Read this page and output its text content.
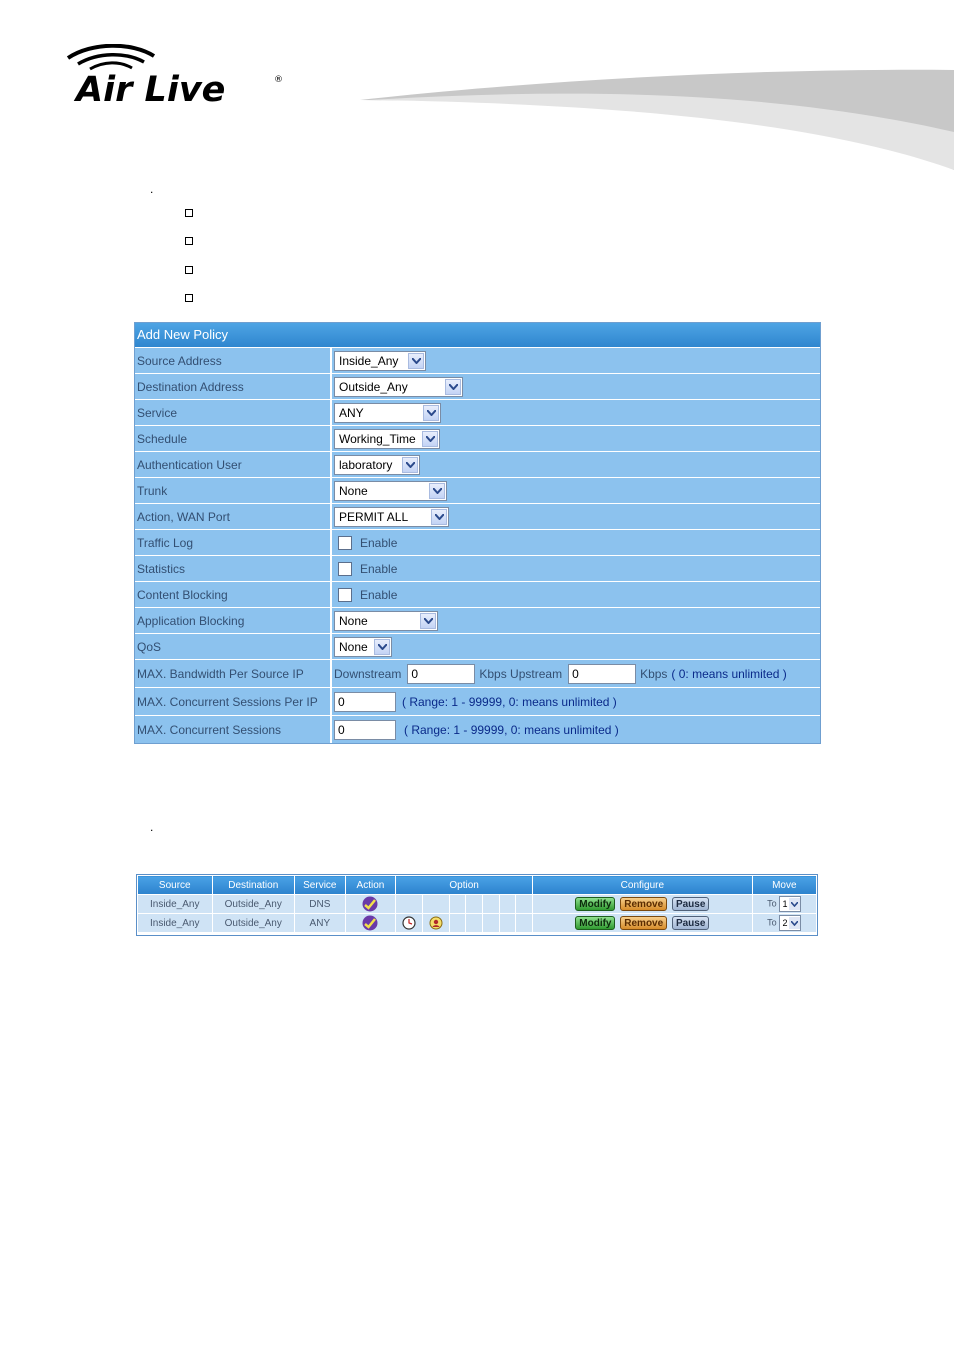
Air Live	®
.
.
Add New Policy
Source Address	Inside_Any
Destination Address	Outside_Any
Service	ANY
Schedule	Working_Time
Authentication User	laboratory
Trunk	None
Action, WAN Port	PERMIT ALL
Traffic Log	Enable
Statistics	Enable
Content Blocking	Enable
Application Blocking	None
QoS	None
MAX. Bandwidth Per Source IP	Downstream 0	Kbps Upstream 0	Kbps ( 0: means unlimited )
MAX. Concurrent Sessions Per IP	0	( Range: 1 - 99999, 0: means unlimited )
MAX. Concurrent Sessions	0	( Range: 1 - 99999, 0: means unlimited )
Source	Destination	Service	Action	Option							Configure	Move
Inside_Any	Outside_Any	DNS									Modify Remove Pause	To 1

Inside_Any	Outside_Any	ANY									Modify Remove Pause	To 2
